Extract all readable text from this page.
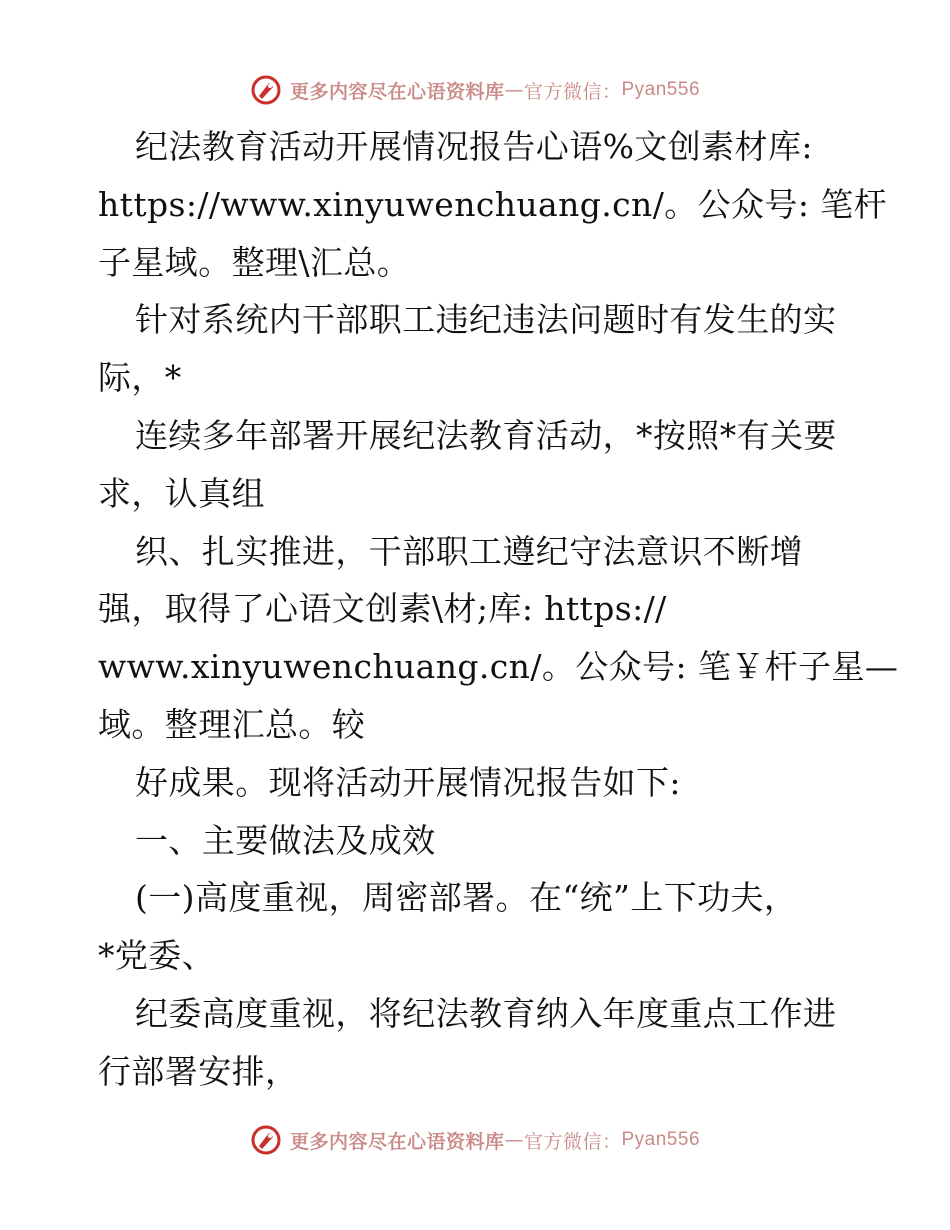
更多内容尽在心语资料库 — 官方微信： Pyan556
纪法教育活动开展情况报告心语%文创素材库:
https://www.xinyuwenchuang.cn/。公众号: 笔杆
子星域。整理\汇总。
针对系统内干部职工违纪违法问题时有发生的实
际，*
连续多年部署开展纪法教育活动，*按照*有关要
求，认真组
织、扎实推进，干部职工遵纪守法意识不断增
强，取得了心语文创素\材;库: https://
www.xinyuwenchuang.cn/。公众号: 笔￥杆子星—
域。整理汇总。较
好成果。现将活动开展情况报告如下:
一、主要做法及成效
(一)高度重视，周密部署。在“统”上下功夫，
*党委、
纪委高度重视，将纪法教育纳入年度重点工作进
行部署安排，
更多内容尽在心语资料库 — 官方微信： Pyan556
